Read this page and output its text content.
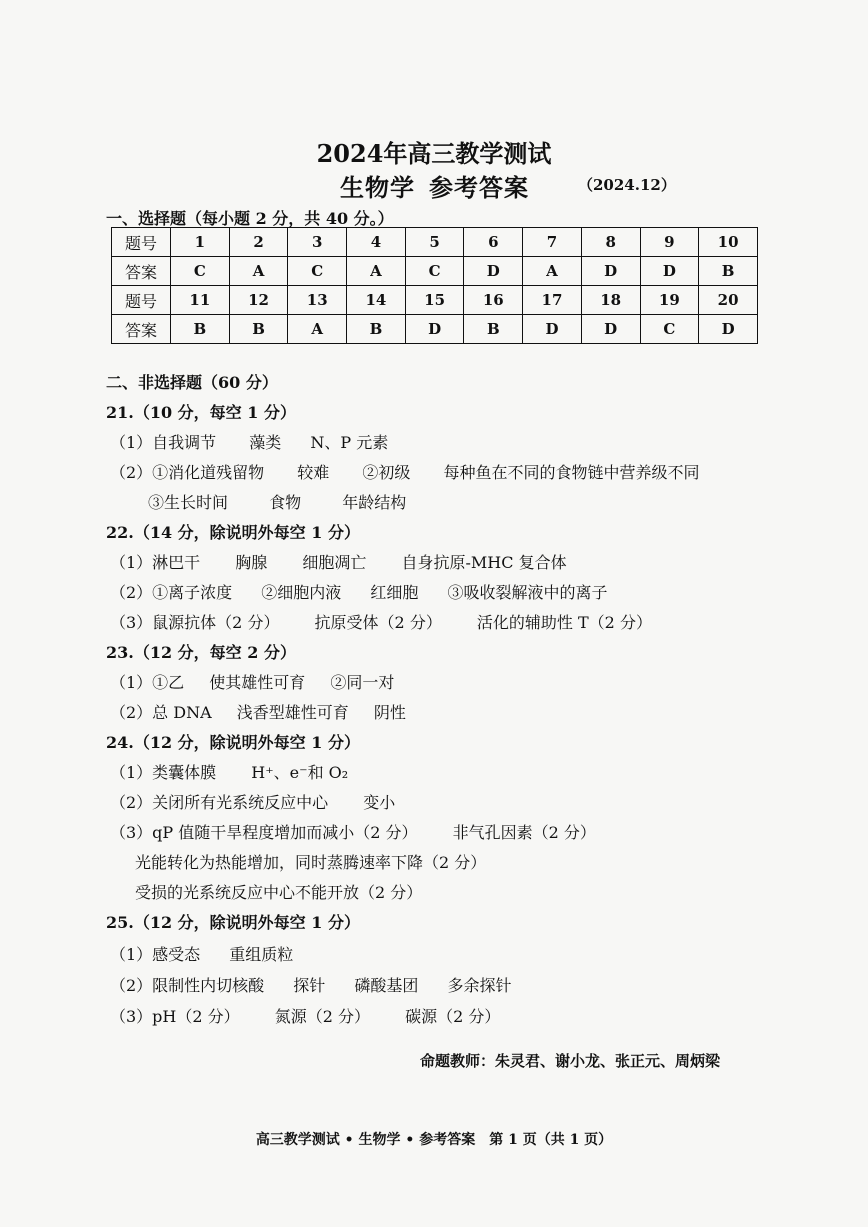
2024年高三教学测试
生物学 参考答案	（2024.12）
一、选择题（每小题 2 分，共 40 分。）
题号	1	2	3	4	5	6	7	8	9	10
答案	C	A	C	A	C	D	A	D	D	B
题号	11	12	13	14	15	16	17	18	19	20
答案	B	B	A	B	D	B	D	D	C	D
二、非选择题（60 分）
21.（10 分，每空 1 分）
（1）自我调节 藻类 N、P 元素
（2）①消化道残留物 较难 ②初级 每种鱼在不同的食物链中营养级不同
③生长时间	食物	年龄结构
22.（14 分，除说明外每空 1 分）
（1）淋巴干 胸腺 细胞凋亡 自身抗原-MHC 复合体
（2）①离子浓度 ②细胞内液 红细胞 ③吸收裂解液中的离子
（3）鼠源抗体（2 分） 抗原受体（2 分） 活化的辅助性 T（2 分）
23.（12 分，每空 2 分）
（1）①乙 使其雄性可育 ②同一对
（2）总 DNA 浅香型雄性可育 阴性
24.（12 分，除说明外每空 1 分）
（1）类囊体膜 H⁺、e⁻和 O₂
（2）关闭所有光系统反应中心 变小
（3）qP 值随干旱程度增加而减小（2 分） 非气孔因素（2 分）
光能转化为热能增加，同时蒸腾速率下降（2 分）
受损的光系统反应中心不能开放（2 分）
25.（12 分，除说明外每空 1 分）
（1）感受态 重组质粒
（2）限制性内切核酸 探针 磷酸基团 多余探针
（3）pH（2 分） 氮源（2 分） 碳源（2 分）
命题教师：朱灵君、谢小龙、张正元、周炳梁
高三教学测试 • 生物学 • 参考答案　第 1 页（共 1 页）
